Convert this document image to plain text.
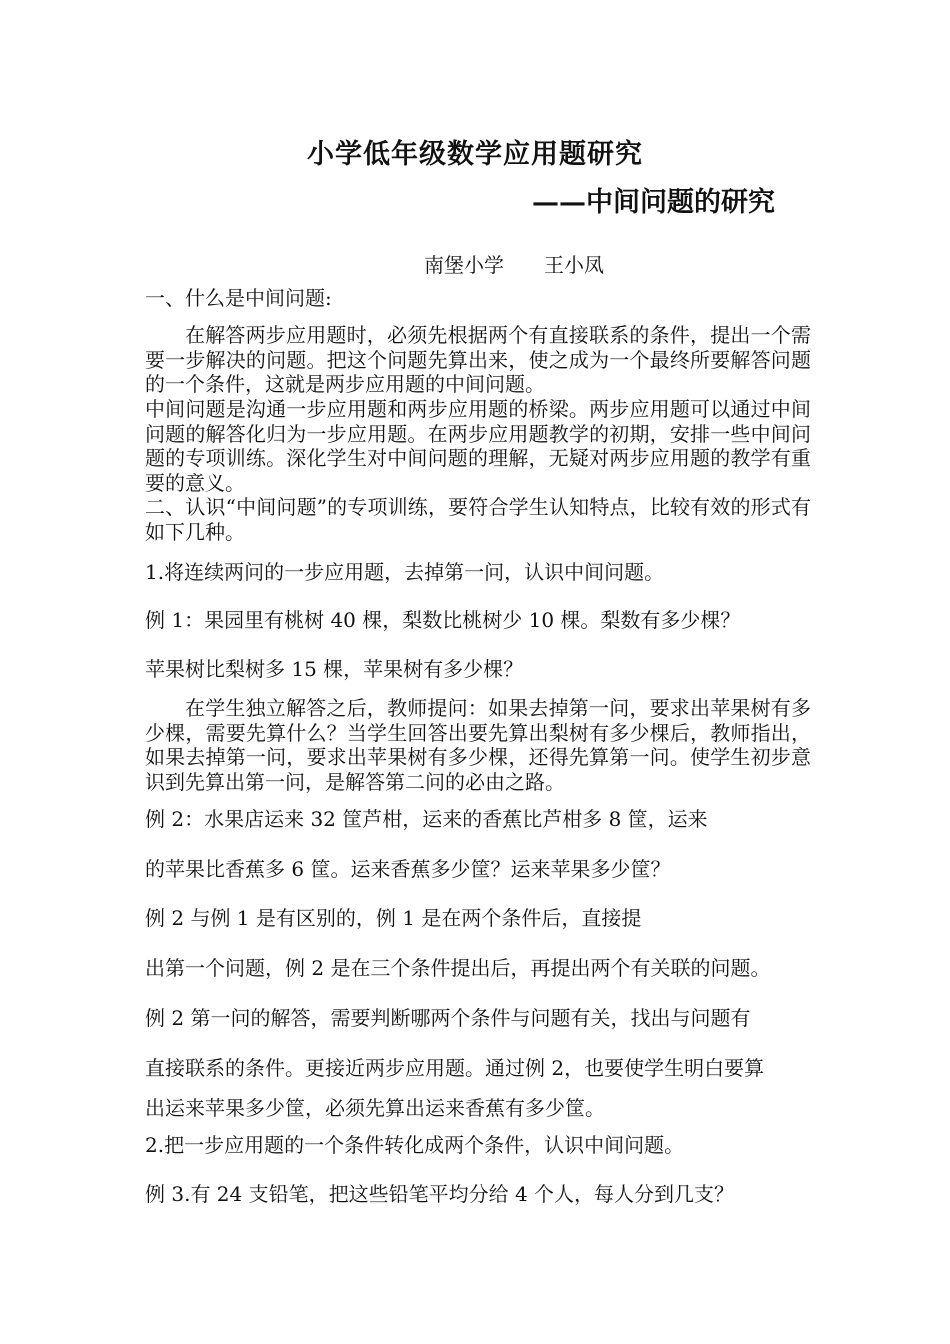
小学低年级数学应用题研究
——中间问题的研究
南堡小学 王小凤
一、什么是中间问题:
在解答两步应用题时，必须先根据两个有直接联系的条件，提出一个需要一步解决的问题。把这个问题先算出来，使之成为一个最终所要解答问题的一个条件，这就是两步应用题的中间问题。
中间问题是沟通一步应用题和两步应用题的桥梁。两步应用题可以通过中间问题的解答化归为一步应用题。在两步应用题教学的初期，安排一些中间问题的专项训练。深化学生对中间问题的理解，无疑对两步应用题的教学有重要的意义。
二、认识“中间问题”的专项训练，要符合学生认知特点，比较有效的形式有如下几种。
1.将连续两问的一步应用题，去掉第一问，认识中间问题。
例 1：果园里有桃树 40 棵，梨数比桃树少 10 棵。梨数有多少棵？
苹果树比梨树多 15 棵，苹果树有多少棵？
在学生独立解答之后，教师提问：如果去掉第一问，要求出苹果树有多少棵，需要先算什么？当学生回答出要先算出梨树有多少棵后，教师指出，如果去掉第一问，要求出苹果树有多少棵，还得先算第一问。使学生初步意识到先算出第一问，是解答第二问的必由之路。
例 2：水果店运来 32 筐芦柑，运来的香蕉比芦柑多 8 筐，运来
的苹果比香蕉多 6 筐。运来香蕉多少筐？运来苹果多少筐？
例 2 与例 1 是有区别的，例 1 是在两个条件后，直接提
出第一个问题，例 2 是在三个条件提出后，再提出两个有关联的问题。
例 2 第一问的解答，需要判断哪两个条件与问题有关，找出与问题有
直接联系的条件。更接近两步应用题。通过例 2，也要使学生明白要算
出运来苹果多少筐，必须先算出运来香蕉有多少筐。
2.把一步应用题的一个条件转化成两个条件，认识中间问题。
例 3.有 24 支铅笔，把这些铅笔平均分给 4 个人，每人分到几支？
